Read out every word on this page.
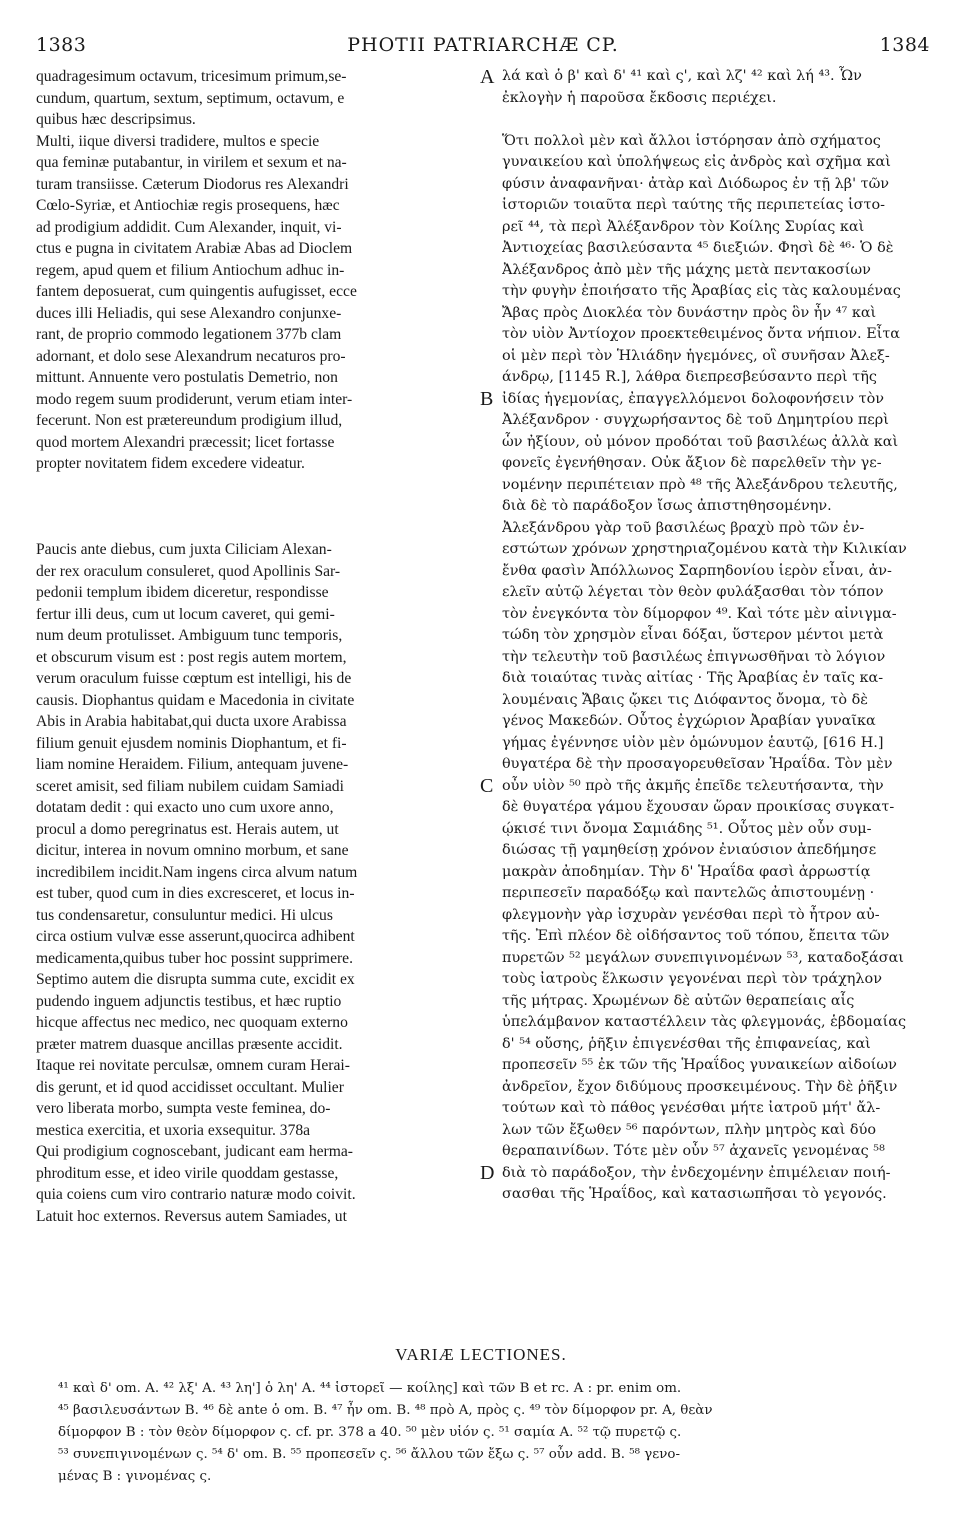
1383	PHOTII PATRIARCHÆ CP.	1384
quadragesimum octavum, tricesimum primum,se-
cundum, quartum, sextum, septimum, octavum, e
quibus hæc descripsimus.
Multi, iique diversi tradidere, multos e specie
qua feminæ putabantur, in virilem et sexum et na-
turam transiisse. Cæterum Diodorus res Alexandri
Cœlo-Syriæ, et Antiochiæ regis prosequens, hæc
ad prodigium addidit. Cum Alexander, inquit, vi-
ctus e pugna in civitatem Arabiæ Abas ad Dioclem
regem, apud quem et filium Antiochum adhuc in-
fantem deposuerat, cum quingentis aufugisset, ecce
duces illi Heliadis, qui sese Alexandro conjunxe-
rant, de proprio commodo legationem 377b clam
adornant, et dolo sese Alexandrum necaturos pro-
mittunt. Annuente vero postulatis Demetrio, non
modo regem suum prodiderunt, verum etiam inter-
fecerunt. Non est prætereundum prodigium illud,
quod mortem Alexandri præcessit; licet fortasse
propter novitatem fidem excedere videatur.
Paucis ante diebus, cum juxta Ciliciam Alexan-
der rex oraculum consuleret, quod Apollinis Sar-
pedonii templum ibidem diceretur, respondisse
fertur illi deus, cum ut locum caveret, qui gemi-
num deum protulisset. Ambiguum tunc temporis,
et obscurum visum est : post regis autem mortem,
verum oraculum fuisse cœptum est intelligi, his de
causis. Diophantus quidam e Macedonia in civitate
Abis in Arabia habitabat,qui ducta uxore Arabissa
filium genuit ejusdem nominis Diophantum, et fi-
liam nomine Heraidem. Filium, antequam juvene-
sceret amisit, sed filiam nubilem cuidam Samiadi
dotatam dedit : qui exacto uno cum uxore anno,
procul a domo peregrinatus est. Herais autem, ut
dicitur, interea in novum omnino morbum, et sane
incredibilem incidit.Nam ingens circa alvum natum
est tuber, quod cum in dies excresceret, et locus in-
tus condensaretur, consuluntur medici. Hi ulcus
circa ostium vulvæ esse asserunt,quocirca adhibent
medicamenta,quibus tuber hoc possint supprimere.
Septimo autem die disrupta summa cute, excidit ex
pudendo inguem adjunctis testibus, et hæc ruptio
hicque affectus nec medico, nec quoquam externo
præter matrem duasque ancillas præsente accidit.
Itaque rei novitate perculsæ, omnem curam Herai-
dis gerunt, et id quod accidisset occultant. Mulier
vero liberata morbo, sumpta veste feminea, do-
mestica exercitia, et uxoria exsequitur. 378a
Qui prodigium cognoscebant, judicant eam herma-
phroditum esse, et ideo virile quoddam gestasse,
quia coiens cum viro contrario naturæ modo coivit.
Latuit hoc externos. Reversus autem Samiades, ut
λά καὶ ὁ β' καὶ δ' ⁴¹ καὶ ς', καὶ λζ' ⁴² καὶ λή ⁴³. Ὧν
ἐκλογὴν ἡ παροῦσα ἔκδοσις περιέχει.
Ὅτι πολλοὶ μὲν καὶ ἄλλοι ἱστόρησαν ἀπὸ σχήματος
γυναικείου καὶ ὑπολήψεως εἰς ἀνδρὸς καὶ σχῆμα καὶ
φύσιν ἀναφανῆναι· ἀτὰρ καὶ Διόδωρος ἐν τῇ λβ' τῶν
ἱστοριῶν τοιαῦτα περὶ ταύτης τῆς περιπετείας ἱστο-
ρεῖ ⁴⁴, τὰ περὶ Ἀλέξανδρον τὸν Κοίλης Συρίας καὶ
Ἀντιοχείας βασιλεύσαντα ⁴⁵ διεξιών. Φησὶ δὲ ⁴⁶· Ὁ δὲ
Ἀλέξανδρος ἀπὸ μὲν τῆς μάχης μετὰ πεντακοσίων
τὴν φυγὴν ἐποιήσατο τῆς Ἀραβίας εἰς τὰς καλουμένας
Ἄβας πρὸς Διοκλέα τὸν δυνάστην πρὸς ὃν ἦν ⁴⁷ καὶ
τὸν υἱὸν Ἀντίοχον προεκτεθειμένος ὄντα νήπιον. Εἶτα
οἱ μὲν περὶ τὸν Ἡλιάδην ἡγεμόνες, οἳ συνῆσαν Ἀλεξ-
άνδρῳ, [1145 R.], λάθρα διεπρεσβεύσαντο περὶ τῆς
ἰδίας ἡγεμονίας, ἐπαγγελλόμενοι δολοφονήσειν τὸν
Ἀλέξανδρον · συγχωρήσαντος δὲ τοῦ Δημητρίου περὶ
ὧν ἠξίουν, οὐ μόνον προδόται τοῦ βασιλέως ἀλλὰ καὶ
φονεῖς ἐγενήθησαν. Οὐκ ἄξιον δὲ παρελθεῖν τὴν γε-
νομένην περιπέτειαν πρὸ ⁴⁸ τῆς Ἀλεξάνδρου τελευτῆς,
διὰ δὲ τὸ παράδοξον ἴσως ἀπιστηθησομένην.
Ἀλεξάνδρου γὰρ τοῦ βασιλέως βραχὺ πρὸ τῶν ἐν-
εστώτων χρόνων χρηστηριαζομένου κατὰ τὴν Κιλικίαν
ἔνθα φασὶν Ἀπόλλωνος Σαρπηδονίου ἱερὸν εἶναι, ἀν-
ελεῖν αὐτῷ λέγεται τὸν θεὸν φυλάξασθαι τὸν τόπον
τὸν ἐνεγκόντα τὸν δίμορφον ⁴⁹. Καὶ τότε μὲν αἰνιγμα-
τώδη τὸν χρησμὸν εἶναι δόξαι, ὕστερον μέντοι μετὰ
τὴν τελευτὴν τοῦ βασιλέως ἐπιγνωσθῆναι τὸ λόγιον
διὰ τοιαύτας τινὰς αἰτίας · Τῆς Ἀραβίας ἐν ταῖς κα-
λουμέναις Ἄβαις ᾤκει τις Διόφαντος ὄνομα, τὸ δὲ
γένος Μακεδών. Οὗτος ἐγχώριον Ἀραβίαν γυναῖκα
γήμας ἐγέννησε υἱὸν μὲν ὁμώνυμον ἑαυτῷ, [616 H.]
θυγατέρα δὲ τὴν προσαγορευθεῖσαν Ἡραΐδα. Τὸν μὲν
οὖν υἱὸν ⁵⁰ πρὸ τῆς ἀκμῆς ἐπεῖδε τελευτήσαντα, τὴν
δὲ θυγατέρα γάμου ἔχουσαν ὥραν προικίσας συγκατ-
ῴκισέ τινι ὄνομα Σαμιάδης ⁵¹. Οὗτος μὲν οὖν συμ-
διώσας τῇ γαμηθείσῃ χρόνον ἐνιαύσιον ἀπεδήμησε
μακρὰν ἀποδημίαν. Τὴν δ' Ἡραΐδα φασὶ ἀρρωστίᾳ
περιπεσεῖν παραδόξῳ καὶ παντελῶς ἀπιστουμένῃ ·
φλεγμονὴν γὰρ ἰσχυρὰν γενέσθαι περὶ τὸ ἦτρον αὐ-
τῆς. Ἐπὶ πλέον δὲ οἰδήσαντος τοῦ τόπου, ἔπειτα τῶν
πυρετῶν ⁵² μεγάλων συνεπιγινομένων ⁵³, καταδοξάσαι
τοὺς ἰατροὺς ἕλκωσιν γεγονέναι περὶ τὸν τράχηλον
τῆς μήτρας. Χρωμένων δὲ αὐτῶν θεραπείαις αἷς
ὑπελάμβανον καταστέλλειν τὰς φλεγμονάς, ἑβδομαίας
δ' ⁵⁴ οὔσης, ῥῆξιν ἐπιγενέσθαι τῆς ἐπιφανείας, καὶ
προπεσεῖν ⁵⁵ ἐκ τῶν τῆς Ἡραΐδος γυναικείων αἰδοίων
ἀνδρεῖον, ἔχον διδύμους προσκειμένους. Τὴν δὲ ῥῆξιν
τούτων καὶ τὸ πάθος γενέσθαι μήτε ἰατροῦ μήτ' ἄλ-
λων τῶν ἔξωθεν ⁵⁶ παρόντων, πλὴν μητρὸς καὶ δύο
θεραπαινίδων. Τότε μὲν οὖν ⁵⁷ ἀχανεῖς γενομένας ⁵⁸
διὰ τὸ παράδοξον, τὴν ἐνδεχομένην ἐπιμέλειαν ποιή-
σασθαι τῆς Ἡραΐδος, καὶ κατασιωπῆσαι τὸ γεγονός.
A
B
C
D
VARIÆ LECTIONES.
⁴¹ καὶ δ' om. A. ⁴² λξ' A. ⁴³ λη'] ὁ λη' A. ⁴⁴ ἱστορεῖ — κοίλης] καὶ τῶν B et rc. A : pr. enim om.
⁴⁵ βασιλευσάντων B. ⁴⁶ δὲ ante ὁ om. B. ⁴⁷ ἦν om. B. ⁴⁸ πρὸ A, πρὸς ς. ⁴⁹ τὸν δίμορφον pr. A, θεὰν
δίμορφον B : τὸν θεὸν δίμορφον ς. cf. pr. 378 a 40. ⁵⁰ μὲν υἱόν ς. ⁵¹ σαμία A. ⁵² τῷ πυρετῷ ς.
⁵³ συνεπιγινομένων ς. ⁵⁴ δ' om. B. ⁵⁵ προπεσεῖν ς. ⁵⁶ ἄλλου τῶν ἔξω ς. ⁵⁷ οὖν add. B. ⁵⁸ γενο-
μένας B : γινομένας ς.
